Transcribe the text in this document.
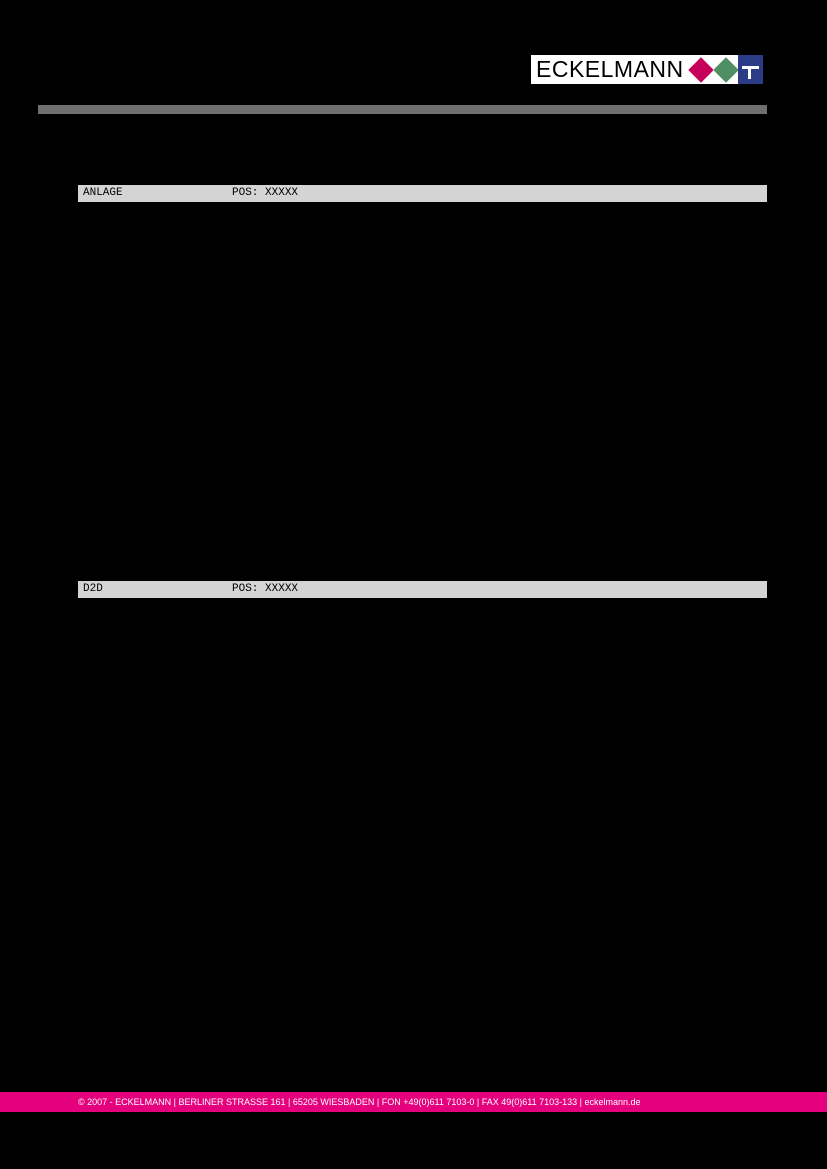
ECKELMANN

ANLAGE

	POS: XXXXX

D2D

	POS: XXXXX

© 2007 - ECKELMANN | BERLINER STRASSE 161 | 65205 WIESBADEN | FON +49(0)611 7103-0 | FAX 49(0)611 7103-133 | eckelmann.de
